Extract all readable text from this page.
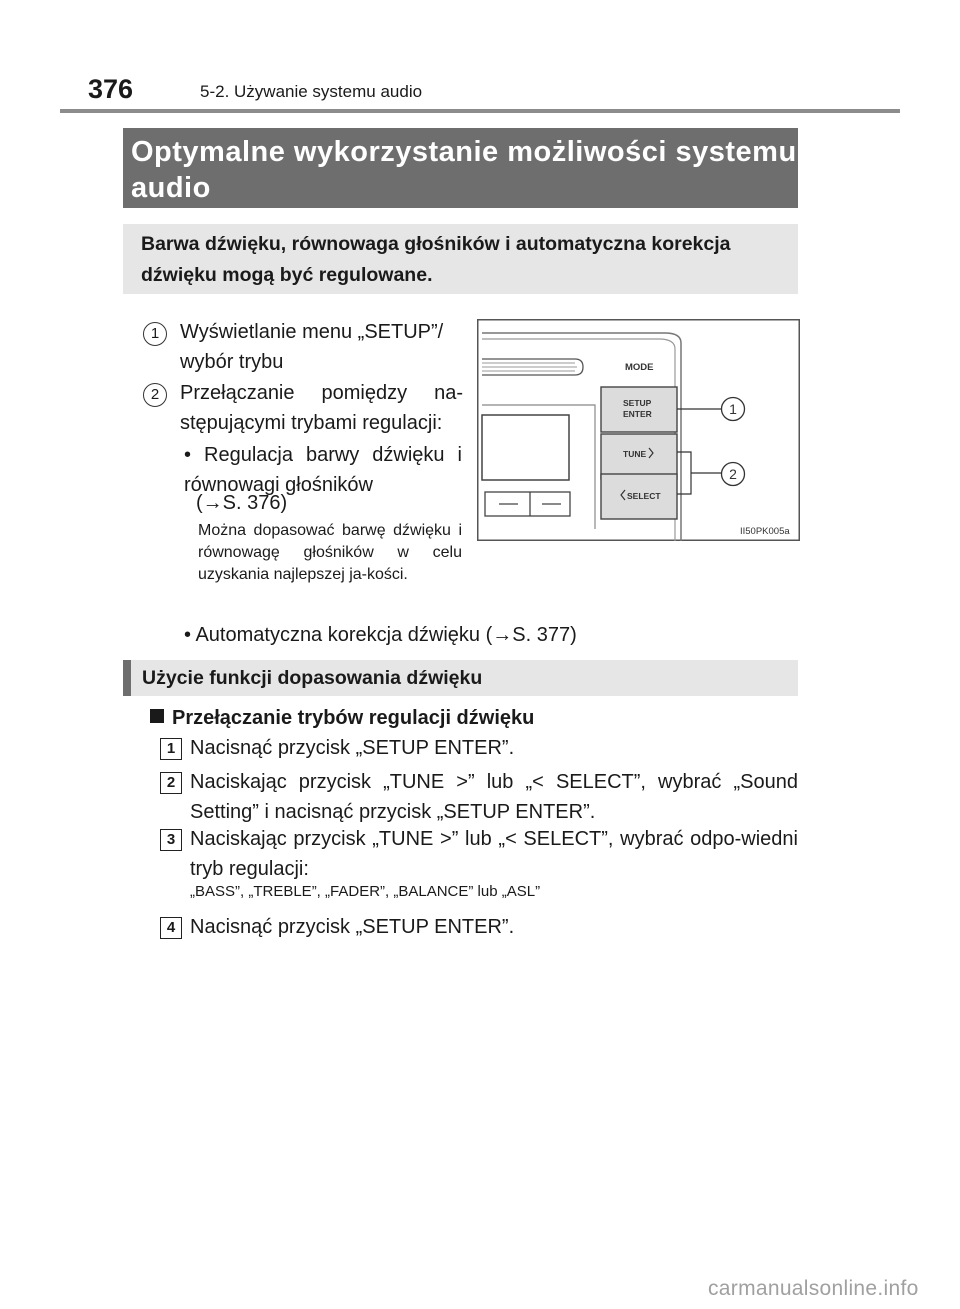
376	5-2. Używanie systemu audio
Optymalne wykorzystanie możliwości systemu audio
Barwa dźwięku, równowaga głośników i automatyczna korekcja dźwięku mogą być regulowane.
1	Wyświetlanie menu „SETUP”/ wybór trybu
2	Przełączanie pomiędzy na-stępującymi trybami regulacji:
• Regulacja barwy dźwięku i równowagi głośników
(→S. 376)
Można dopasować barwę dźwięku i równowagę głośników w celu uzyskania najlepszej ja-kości.
• Automatyczna korekcja dźwięku (→S. 377)
MODE
SETUP
ENTER
TUNE
SELECT
1
2
II50PK005a
Użycie funkcji dopasowania dźwięku
Przełączanie trybów regulacji dźwięku
1 Nacisnąć przycisk „SETUP ENTER”.
2 Naciskając przycisk „TUNE >” lub „< SELECT”, wybrać „Sound Setting” i nacisnąć przycisk „SETUP ENTER”.
3 Naciskając przycisk „TUNE >” lub „< SELECT”, wybrać odpo-wiedni tryb regulacji:
„BASS”, „TREBLE”, „FADER”, „BALANCE” lub „ASL”
4 Nacisnąć przycisk „SETUP ENTER”.
carmanualsonline.info
